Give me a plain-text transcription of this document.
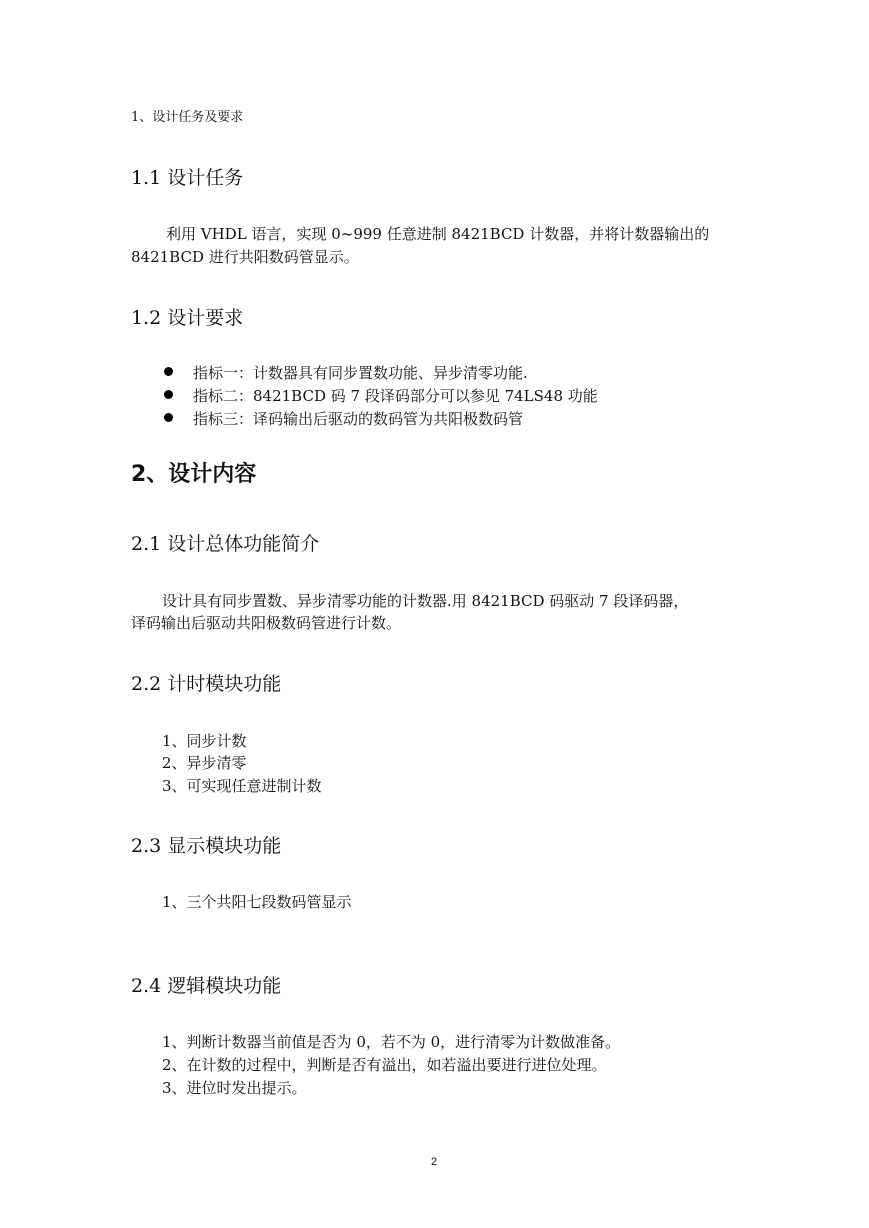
1、设计任务及要求
1.1 设计任务
利用 VHDL 语言，实现 0~999 任意进制 8421BCD 计数器，并将计数器输出的
8421BCD 进行共阳数码管显示。
1.2 设计要求
指标一：计数器具有同步置数功能、异步清零功能.
指标二：8421BCD 码 7 段译码部分可以参见 74LS48 功能
指标三：译码输出后驱动的数码管为共阳极数码管
2、设计内容
2.1 设计总体功能简介
设计具有同步置数、异步清零功能的计数器.用 8421BCD 码驱动 7 段译码器，
译码输出后驱动共阳极数码管进行计数。
2.2 计时模块功能
1、同步计数
2、异步清零
3、可实现任意进制计数
2.3 显示模块功能
1、三个共阳七段数码管显示
2.4 逻辑模块功能
1、判断计数器当前值是否为 0，若不为 0，进行清零为计数做准备。
2、在计数的过程中，判断是否有溢出，如若溢出要进行进位处理。
3、进位时发出提示。
2
